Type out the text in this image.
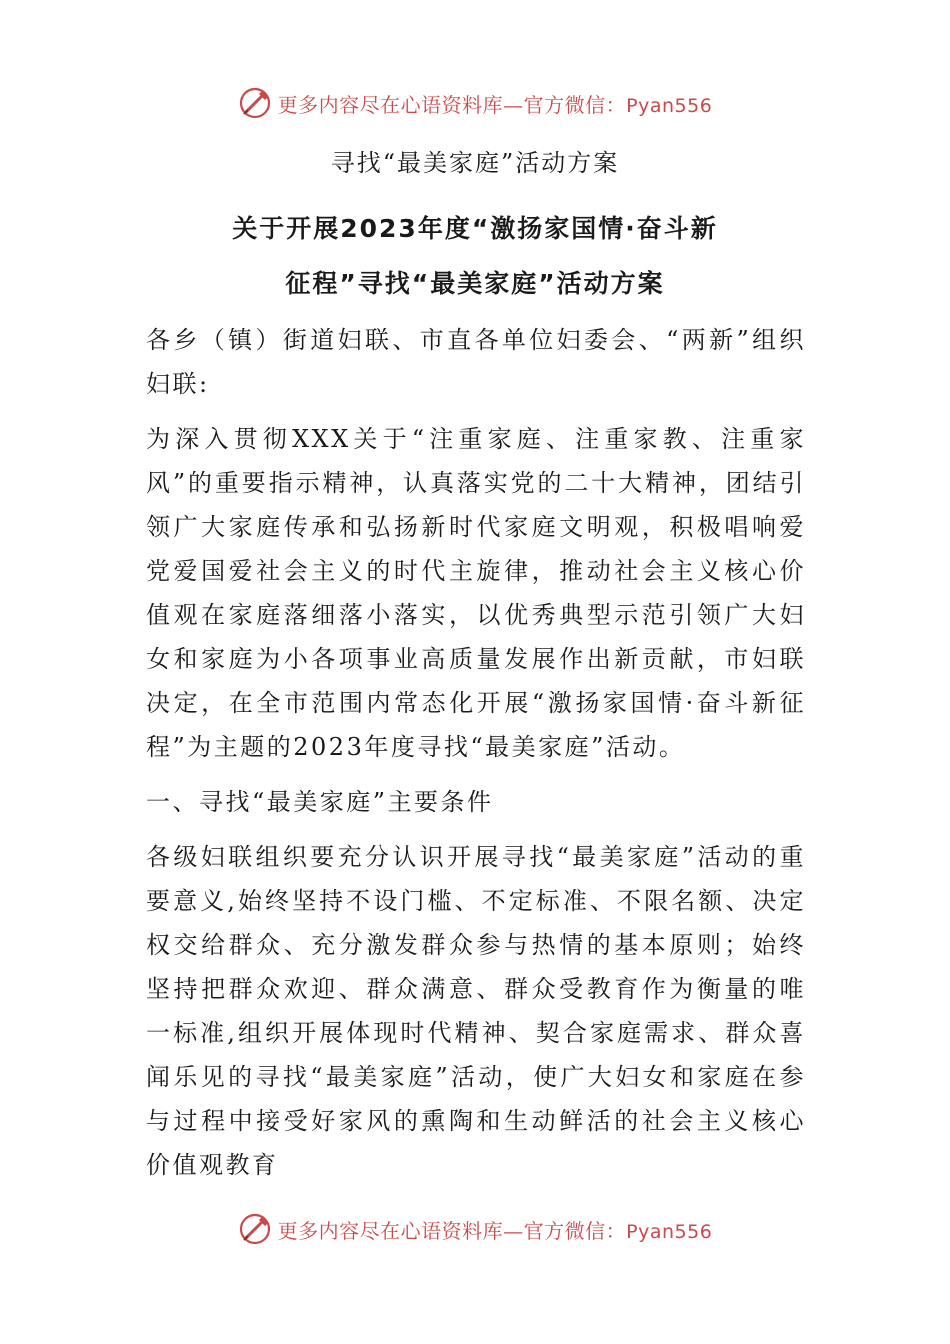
更多内容尽在心语资料库—官方微信：Pyan556
寻找“最美家庭”活动方案
关于开展2023年度“激扬家国情·奋斗新
征程”寻找“最美家庭”活动方案

各乡（镇）街道妇联、市直各单位妇委会、“两新”组织妇联:

为深入贯彻XXX关于“注重家庭、注重家教、注重家风”的重要指示精神，认真落实党的二十大精神，团结引领广大家庭传承和弘扬新时代家庭文明观，积极唱响爱党爱国爱社会主义的时代主旋律，推动社会主义核心价值观在家庭落细落小落实，以优秀典型示范引领广大妇女和家庭为小各项事业高质量发展作出新贡献，市妇联决定，在全市范围内常态化开展“激扬家国情·奋斗新征程”为主题的2023年度寻找“最美家庭”活动。

一、寻找“最美家庭”主要条件

各级妇联组织要充分认识开展寻找“最美家庭”活动的重要意义,始终坚持不设门槛、不定标准、不限名额、决定权交给群众、充分激发群众参与热情的基本原则；始终坚持把群众欢迎、群众满意、群众受教育作为衡量的唯一标准,组织开展体现时代精神、契合家庭需求、群众喜闻乐见的寻找“最美家庭”活动，使广大妇女和家庭在参与过程中接受好家风的熏陶和生动鲜活的社会主义核心价值观教育

更多内容尽在心语资料库—官方微信：Pyan556
